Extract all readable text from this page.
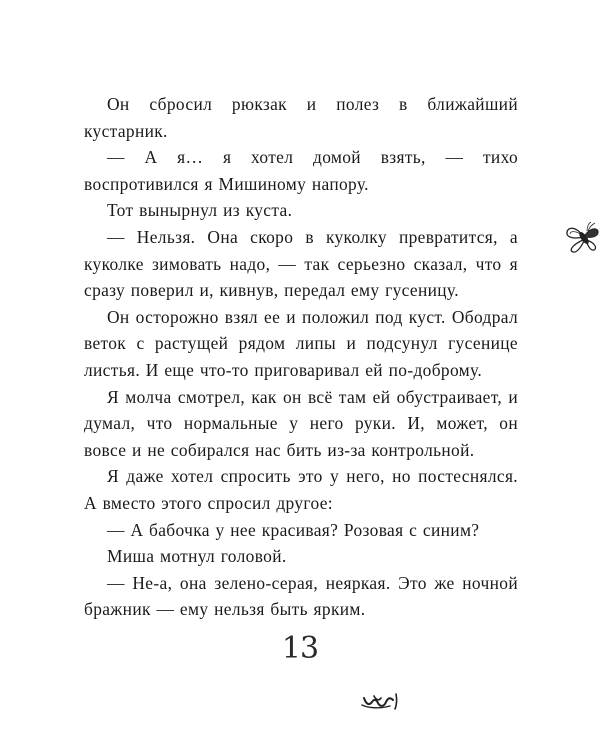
Он сбросил рюкзак и полез в ближайший кустарник.

— А я… я хотел домой взять, — тихо воспротивился я Мишиному напору.

Тот вынырнул из куста.

— Нельзя. Она скоро в куколку превратится, а куколке зимовать надо, — так серьезно сказал, что я сразу поверил и, кивнув, передал ему гусеницу.

Он осторожно взял ее и положил под куст. Ободрал веток с растущей рядом липы и подсунул гусенице листья. И еще что-то приговаривал ей по-доброму.

Я молча смотрел, как он всё там ей обустраивает, и думал, что нормальные у него руки. И, может, он вовсе и не собирался нас бить из-за контрольной.

Я даже хотел спросить это у него, но постеснялся. А вместо этого спросил другое:

— А бабочка у нее красивая? Розовая с синим?

Миша мотнул головой.

— Не-а, она зелено-серая, неяркая. Это же ночной бражник — ему нельзя быть ярким.

13
